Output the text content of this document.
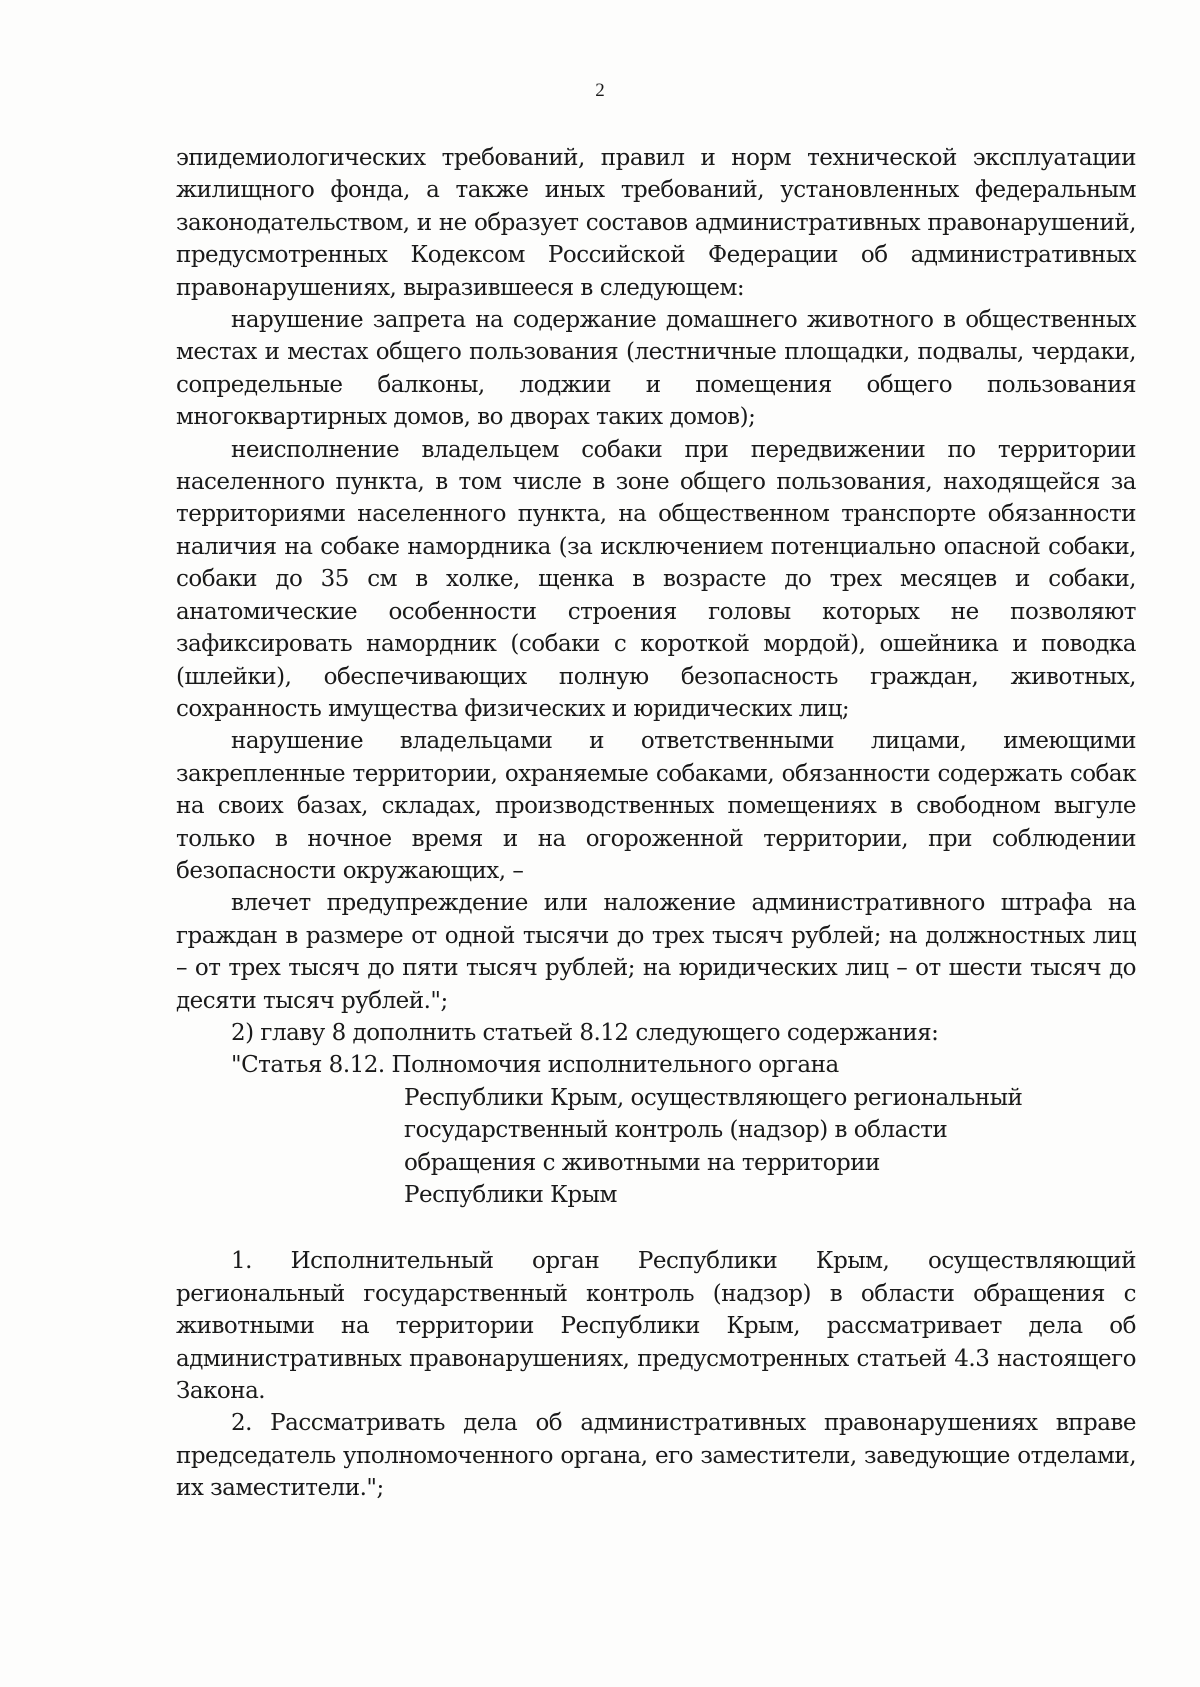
2

эпидемиологических требований, правил и норм технической эксплуатации жилищного фонда, а также иных требований, установленных федеральным законодательством, и не образует составов административных правонарушений, предусмотренных Кодексом Российской Федерации об административных правонарушениях, выразившееся в следующем:

нарушение запрета на содержание домашнего животного в общественных местах и местах общего пользования (лестничные площадки, подвалы, чердаки, сопредельные балконы, лоджии и помещения общего пользования многоквартирных домов, во дворах таких домов);

неисполнение владельцем собаки при передвижении по территории населенного пункта, в том числе в зоне общего пользования, находящейся за территориями населенного пункта, на общественном транспорте обязанности наличия на собаке намордника (за исключением потенциально опасной собаки, собаки до 35 см в холке, щенка в возрасте до трех месяцев и собаки, анатомические особенности строения головы которых не позволяют зафиксировать намордник (собаки с короткой мордой), ошейника и поводка (шлейки), обеспечивающих полную безопасность граждан, животных, сохранность имущества физических и юридических лиц;

нарушение владельцами и ответственными лицами, имеющими закрепленные территории, охраняемые собаками, обязанности содержать собак на своих базах, складах, производственных помещениях в свободном выгуле только в ночное время и на огороженной территории, при соблюдении безопасности окружающих, –

влечет предупреждение или наложение административного штрафа на граждан в размере от одной тысячи до трех тысяч рублей; на должностных лиц – от трех тысяч до пяти тысяч рублей; на юридических лиц – от шести тысяч до десяти тысяч рублей.";

2) главу 8 дополнить статьей 8.12 следующего содержания:

"Статья 8.12. Полномочия исполнительного органа

Республики Крым, осуществляющего региональный

государственный контроль (надзор) в области

обращения с животными на территории

Республики Крым

1. Исполнительный орган Республики Крым, осуществляющий региональный государственный контроль (надзор) в области обращения с животными на территории Республики Крым, рассматривает дела об административных правонарушениях, предусмотренных статьей 4.3 настоящего Закона.

2. Рассматривать дела об административных правонарушениях вправе председатель уполномоченного органа, его заместители, заведующие отделами, их заместители.";
